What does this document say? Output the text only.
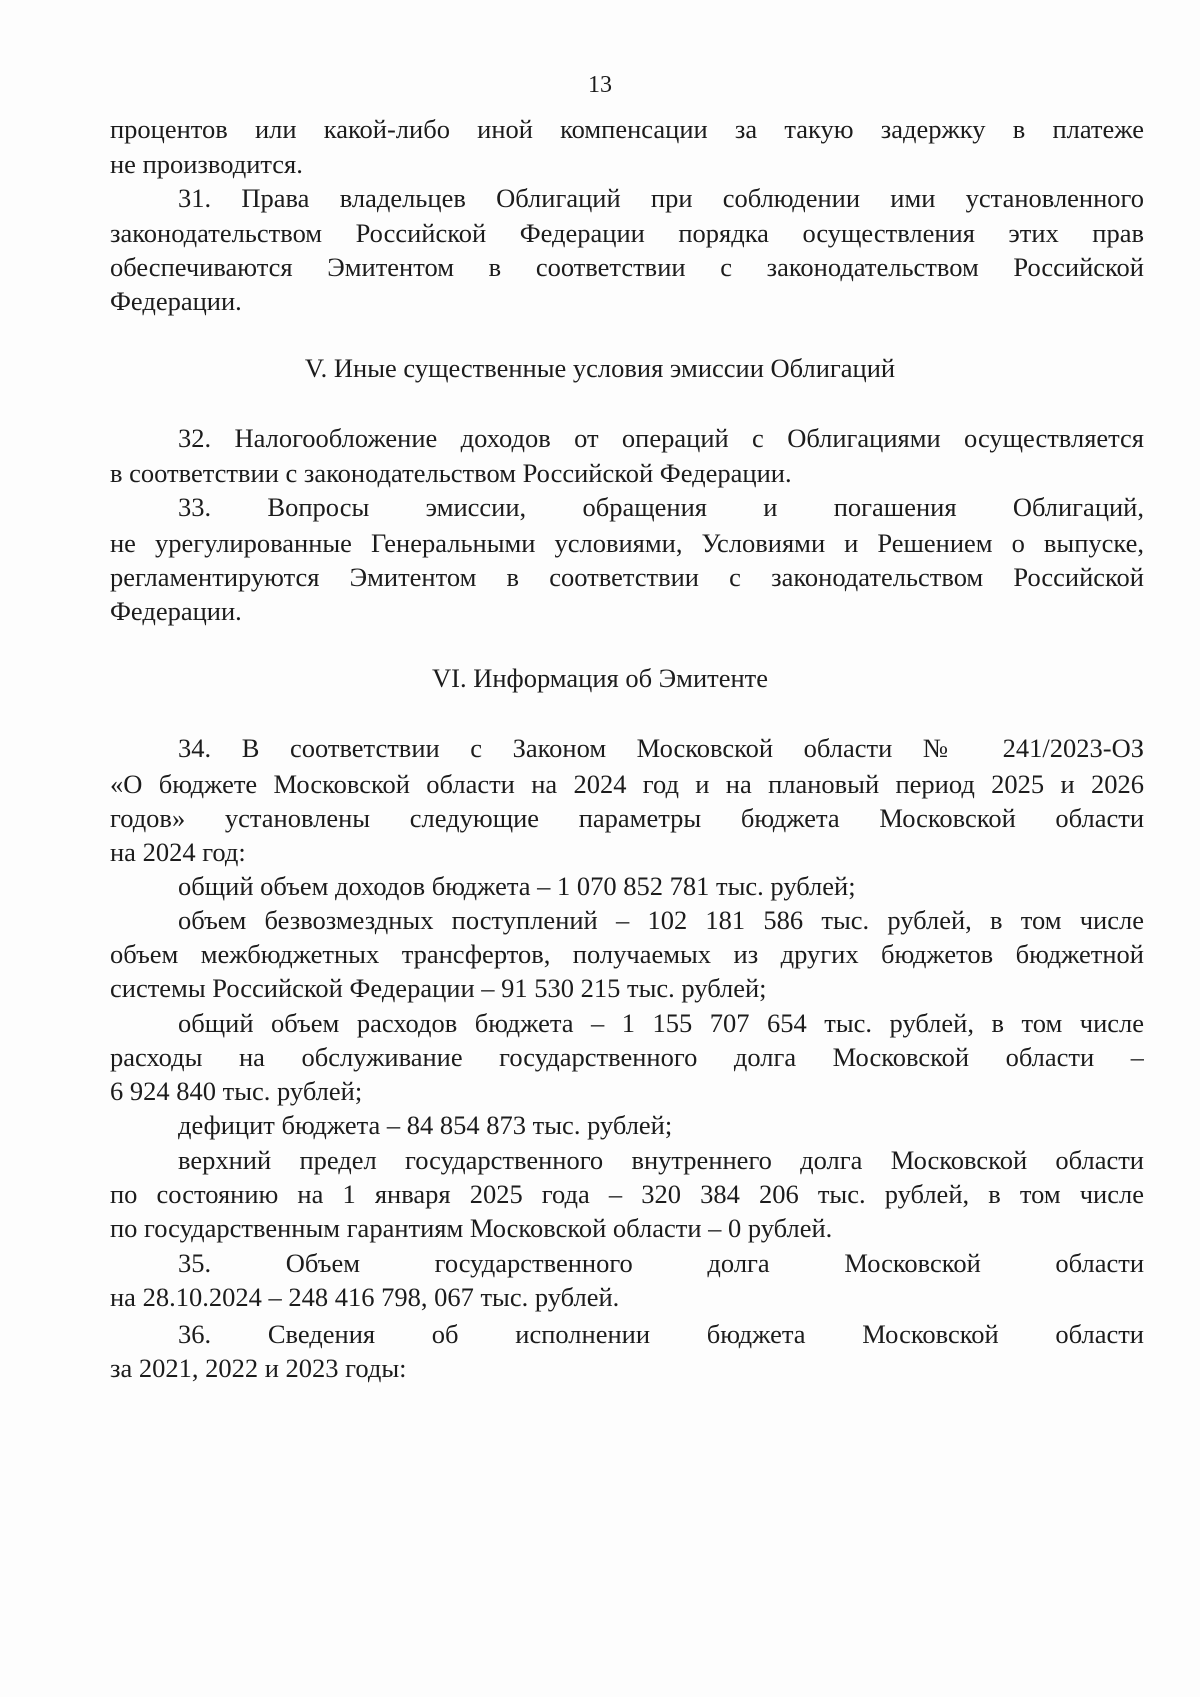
13
процентов или какой-либо иной компенсации за такую задержку в платеже
не производится.
31. Права владельцев Облигаций при соблюдении ими установленного
законодательством Российской Федерации порядка осуществления этих прав
обеспечиваются Эмитентом в соответствии с законодательством Российской
Федерации.
V. Иные существенные условия эмиссии Облигаций
32. Налогообложение доходов от операций с Облигациями осуществляется
в соответствии с законодательством Российской Федерации.
33. Вопросы эмиссии, обращения и погашения Облигаций,
не урегулированные Генеральными условиями, Условиями и Решением о выпуске,
регламентируются Эмитентом в соответствии с законодательством Российской
Федерации.
VI. Информация об Эмитенте
34. В соответствии с Законом Московской области № 241/2023-ОЗ
«О бюджете Московской области на 2024 год и на плановый период 2025 и 2026
годов» установлены следующие параметры бюджета Московской области
на 2024 год:
общий объем доходов бюджета – 1 070 852 781 тыс. рублей;
объем безвозмездных поступлений – 102 181 586 тыс. рублей, в том числе
объем межбюджетных трансфертов, получаемых из других бюджетов бюджетной
системы Российской Федерации – 91 530 215 тыс. рублей;
общий объем расходов бюджета – 1 155 707 654 тыс. рублей, в том числе
расходы на обслуживание государственного долга Московской области –
6 924 840 тыс. рублей;
дефицит бюджета – 84 854 873 тыс. рублей;
верхний предел государственного внутреннего долга Московской области
по состоянию на 1 января 2025 года – 320 384 206 тыс. рублей, в том числе
по государственным гарантиям Московской области – 0 рублей.
35. Объем государственного долга Московской области
на 28.10.2024 – 248 416 798, 067 тыс. рублей.
36. Сведения об исполнении бюджета Московской области
за 2021, 2022 и 2023 годы:
